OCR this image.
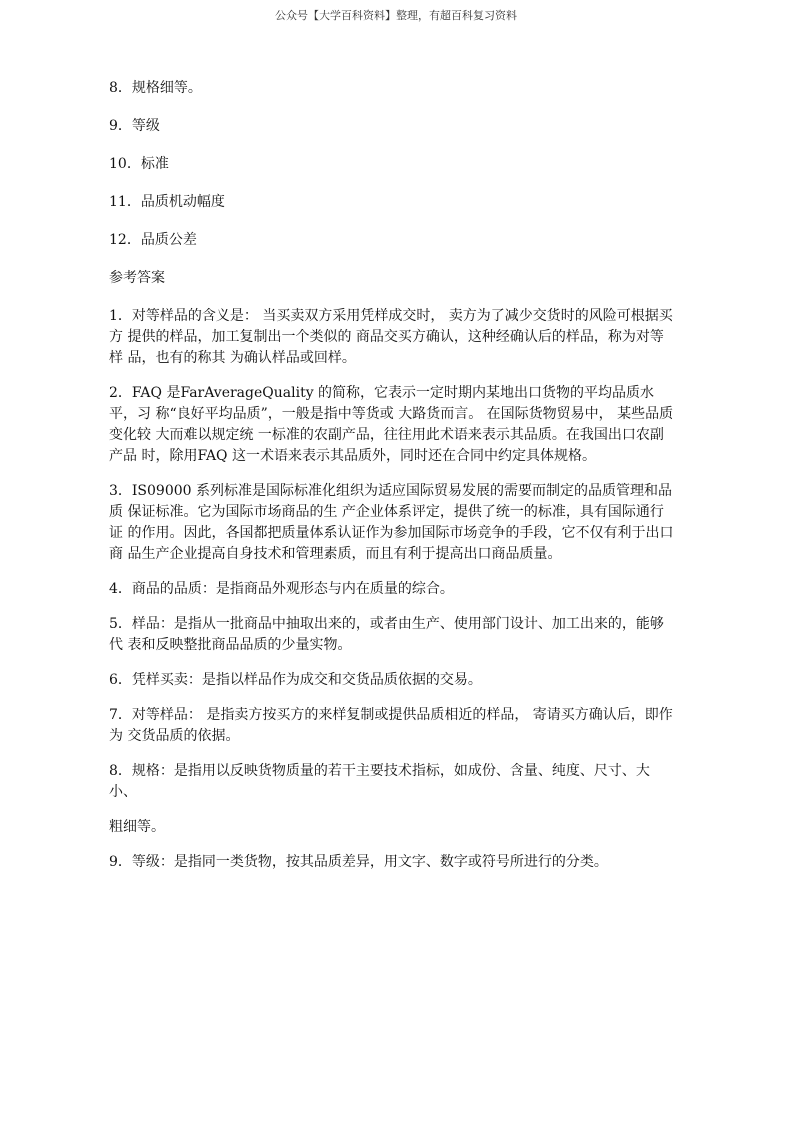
公众号【大学百科资料】整理，有超百科复习资料

8．规格细等。

9．等级

10．标准

11．品质机动幅度

12．品质公差

参考答案

1．对等样品的含义是： 当买卖双方采用凭样成交时， 卖方为了减少交货时的风险可根据买方 提供的样品，加工复制出一个类似的 商品交买方确认，这种经确认后的样品，称为对等样 品，也有的称其 为确认样品或回样。

2．FAQ 是FarAverageQuality 的简称，它表示一定时期内某地出口货物的平均品质水平，习 称“良好平均品质”，一般是指中等货或 大路货而言。 在国际货物贸易中， 某些品质变化较 大而难以规定统 一标准的农副产品，往往用此术语来表示其品质。在我国出口农副 产品 时，除用FAQ 这一术语来表示其品质外，同时还在合同中约定具体规格。

3．IS09000 系列标准是国际标准化组织为适应国际贸易发展的需要而制定的品质管理和品质 保证标准。它为国际市场商品的生 产企业体系评定，提供了统一的标准，具有国际通行证 的作用。因此，各国都把质量体系认证作为参加国际市场竞争的手段，它不仅有利于出口商 品生产企业提高自身技术和管理素质，而且有利于提高出口商品质量。

4．商品的品质：是指商品外观形态与内在质量的综合。

5．样品：是指从一批商品中抽取出来的，或者由生产、使用部门设计、加工出来的，能够代 表和反映整批商品品质的少量实物。

6．凭样买卖：是指以样品作为成交和交货品质依据的交易。

7．对等样品： 是指卖方按买方的来样复制或提供品质相近的样品， 寄请买方确认后，即作为 交货品质的依据。

8．规格：是指用以反映货物质量的若干主要技术指标，如成份、含量、纯度、尺寸、大小、

粗细等。

9．等级：是指同一类货物，按其品质差异，用文字、数字或符号所进行的分类。
